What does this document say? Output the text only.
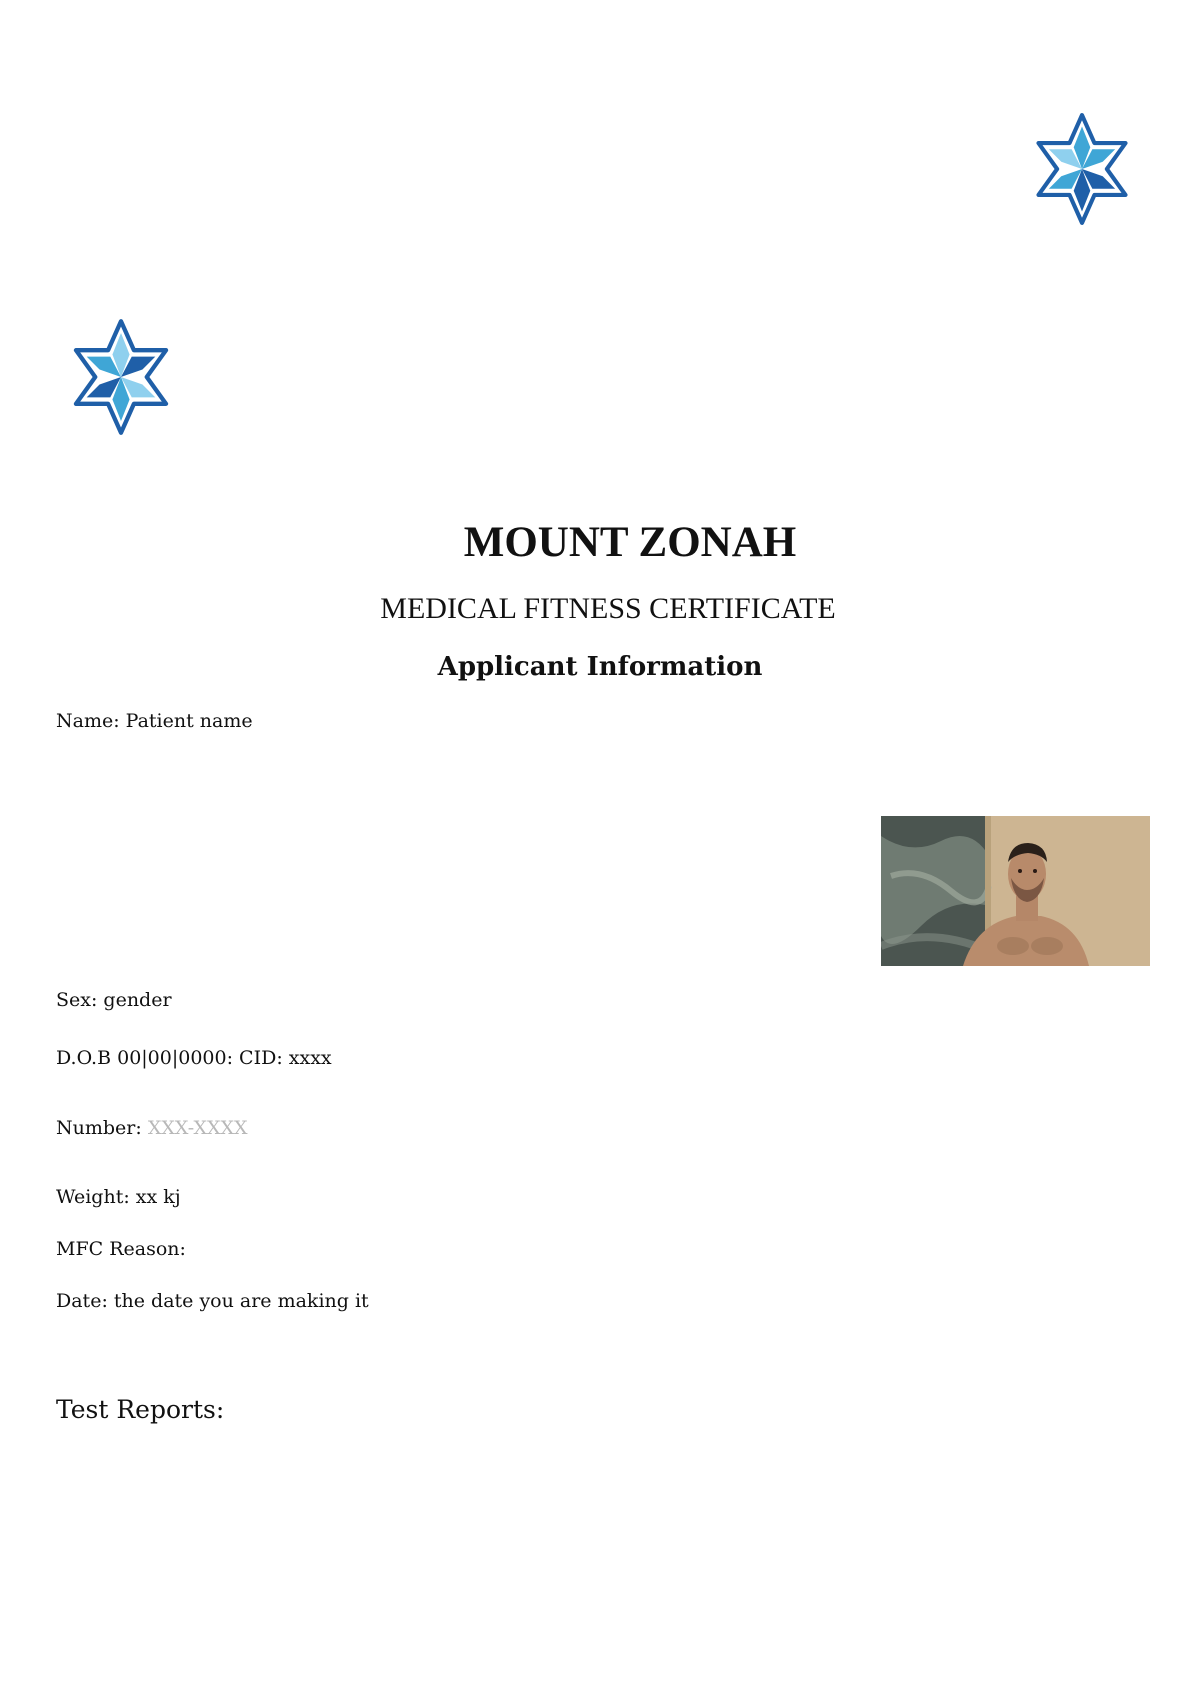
MOUNT ZONAH
MEDICAL FITNESS CERTIFICATE
Applicant Information
Name: Patient name
Sex: gender
D.O.B 00|00|0000: CID: xxxx
Number: XXX-XXXX
Weight: xx kj
MFC Reason:
Date: the date you are making it
Test Reports:
